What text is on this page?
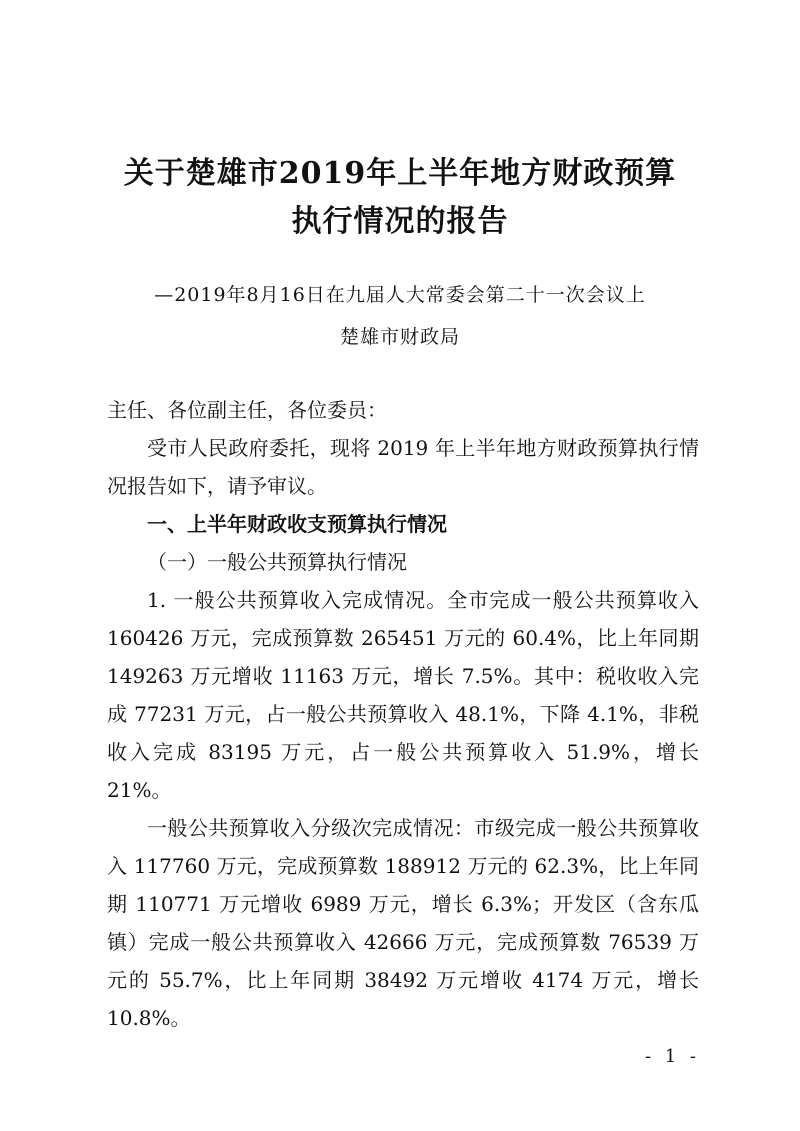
关于楚雄市2019年上半年地方财政预算
执行情况的报告
—2019年8月16日在九届人大常委会第二十一次会议上
楚雄市财政局

主任、各位副主任，各位委员：

受市人民政府委托，现将 2019 年上半年地方财政预算执行情况报告如下，请予审议。

一、上半年财政收支预算执行情况

（一）一般公共预算执行情况

1. 一般公共预算收入完成情况。全市完成一般公共预算收入 160426 万元，完成预算数 265451 万元的 60.4%，比上年同期 149263 万元增收 11163 万元，增长 7.5%。其中：税收收入完成 77231 万元，占一般公共预算收入 48.1%，下降 4.1%，非税收入完成 83195 万元，占一般公共预算收入 51.9%，增长 21%。

一般公共预算收入分级次完成情况：市级完成一般公共预算收入 117760 万元，完成预算数 188912 万元的 62.3%，比上年同期 110771 万元增收 6989 万元，增长 6.3%；开发区（含东瓜镇）完成一般公共预算收入 42666 万元，完成预算数 76539 万元的 55.7%，比上年同期 38492 万元增收 4174 万元，增长 10.8%。

- 1 -
